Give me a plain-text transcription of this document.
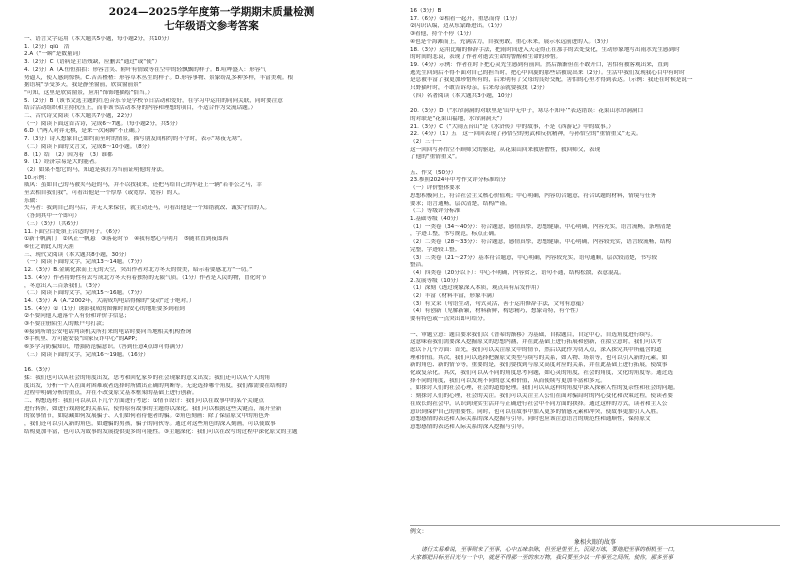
2024—2025学年度第一学期期末质量检测
七年级语文参考答案
一、语言文字运用（本大题共5小题，每小题2分，共10分）
1.（2分）qiū　浩
2.A（“一瞬”是数量词）
3.（2分）C（语病是主语残缺，应删去“通过”或“使”）
4.（2分）A（A.恒恒拍拍：形容言笑、附叶有情致等在空中的轻飘飘的样子。B.喧哗盛人：形容气
势逼人，使人感到惊惧。C.苦苦楂楂：形容草木丛生的样子。D.形容事物、景象纷乱多种多样，丰富美观。根
据语境“享受多天，我是静坐窗前，欣赏窗前景”
“可知，这里是欣赏窗景，应用“饰饰地描绘”恰当。）
5.（2分）B（该书文选主题的红色音乐节是学校节日活动和爱好，在学习中运用的同向关联，同时要注意
结合活动组织和主持抗压上，而非该书活动本身的内容和理想的项目，不适合作为交流话题。）
二、古代诗文阅读（本大题共7小题，22分）
（一）阅读下面这首古诗，完成6～7题。（每小题2分，共5分）
6.D（“两人对弈无棋，是来一次闲聊”不正确。）
7.（3分）诗人想象自己如约而至时的情景，描写朋友间相约的不守时，表示“寒夜无寒”。
（二）阅读下面的文言文，完成8～10小题。（8分）
8.（1）结　（2）因为着　（3）谁都
9.（1）经济宗易是大的能者。
（2）如果不想它的马，知道是我打为当前证明他的身法。
10.示例：
威风：虽如自己的马被夹马赶的马，并不以找我来，还把马给自己的车赶上一辆“若非公之马，幸
至去相自我们我”，可看出他是一个厚厚（或宽厚、宽容）的人。
乐做：
失马者：我到自己的马后，并无人来保住，就主动还马，可看出他是一个知错就改、诚实守信的人。
（答到其中一个即可）
（三）（3分）（共6分）
11.下面空白处填上合适的句子。（6分）
①新千帆满门　②风正一帆悬　③落花时节　④我有愁心与明月　⑤随君直到夜郎西
⑥仕之谓此人的天涯
三、现代文阅读（本大题共8小题，30分）
（一）阅读下面的文字，完成13～14题。（7分）
12.（3分）B.金属化浓而上无的天空，突出作者对北方冬天的赞美，暗示着要感北方“一切。”
13.（4分）作者将野性有去写成北方冬天有着独特的无限气质。（1分）作者是人民的物，冒化时节
，冬意出入三百条我们。（3分）
（二）阅读下面的文字，完成15～16题。（7分）
14.（3分）A（A.“2002年，大韵成均电话得像的“变动”过于绝对。）
15.（4分）①（1分）诱影我成的图像时间安心的地址要多到看到
②不要问他人遗落个人有份和评价手信息；
③不要注册陌生人的账户号打款；
④接到所谓公安电话判读机关所打来的电话时要向当地相关机构查询
⑤手机里、方可能安装“国家反诈中心”的APP；
⑥多学习防骗知识，增强防范骗意识。（答到任意4点即可得满分）
（三）阅读下面的文字，完成16～19题。（16分）

16.（3分）
揉：我们也可以从社会的角度出发，思考和回忆家乡的社会现象的意义出发；我们还可以从个人的角
度出发，分析一个人在面对困难或者选择时所做出正确的判断等。无论选择哪个角度，我们都需要在结构的
过程中明确分析的重点，并在不改变原文基本框架的基础上进行创新。
二、构想选材：我们可以从以下几个方面进行考虑：①情节设计：我们可以在故事中的某个关键点
进行转折，如进行戏剧化的关系后，使得原有故事的主题得以深化。我们可以根据这些关键点，展开全新
的叙事情节，如隐藏如何发展骗子、人们如何看待他者的骗。②角色刻画：除了保留原文中的角色外
，我们还可以引入新的角色，如遭骗的男孩，骗子的同伙等。通过对这些角色的深入刻画，可以使故事
结构更加丰富，也可以为故事的发展提供更多的可能性。③主题深化：我们可以在改写的过程中深化原文的主题
16（3分）B
17.（6分）①相看一起开，重思而得（1分）
②闪识认编，边从东蒙路进出。（1分）
③看他，持个不停（1分）
④也是个海滩而上，充满活力，自我勇敢，重心未来，展示永远前进的人。（3分）
18.（3分）运用比喻的修辞手法，把雨时间进入天走得正在那手的去处变化，生动形象地写出雨水先生感到时
的时间的悲哀，表现了作者对逝去生命的警醒和生命的珍惜。
19.（4分）示例：作者在时下把心灵先生感到有前回。然后渐渐但在不敢开口，害怕有被客观出来，直到
逃先生回到后不得不面对自己的担当时，把心中回旋的那些话被说出来（2分）。生活中我们发现我心目中有时时
是总被丰富了我更加珍惜所有的，后来明有了父母的良好交配，害怕的心里才得到表达。（示例：我还在时候是说一
只野猫叶时，不敢告诉母亲，后来母亲就要我找（2分）
（四）名著阅读（本大题共3小题，10分）

20.（3分）D（“水帘洞洞的对联里是‘山中无甲子，寒尽不知年’”表达错误：花果山水帘洞洞口
的对联是“花果山福地，水帘洞洞天”）
21.（3分）C（“大闹五台山”是《水浒传》中的故事，不是《西游记》中的故事。）
22.（4分）（1）五　这一回回表现了孙悟空的勇武和反抗精神，与孙悟空的“重情重义”无关。
（2）三十一
这一回回写孙悟空不顾师父的驱赶，从花果山回来救唐僧性，救回师父，表现
了他的“重情重义”。

五、作文（50分）
23.参照2024年中考作文评分标准给分
（一）评价整体要求
思想积极向上，符合社会主义核心价值观；中心明确，内容切合题意，符合试题的材料，情境与任务
要求；语言通畅，层次清楚，结构严谨。
（二）等级评分标准
1.基础等级（40分）
（1）一类卷（34～40分）：符合题意，感情真挚，思想健康，中心明确，内容充实，语言流畅，条理清楚
，字迹工整，书写规范，标点正确。
（2）二类卷（28～33分）：符合题意，感情真挚，思想健康，中心明确，内容较充实，语言较流畅，结构
完整，字迹较工整。
（3）三类卷（21～27分）基本符合题意，中心明确，内容较充实，语句通顺，层次较清楚，书写较
整洁。
（4）四类卷（20分以下）：中心不明确，内容贫乏，语句不通，结构松散，表意混乱。
2.发展等级（10分）
（1）深刻（透过现象深入本质，观点具有启发作用）
（2）丰富（材料丰富，形象丰满）
（3）有文采（句语生动，句式灵活，善于运用修辞手法，文句有意蕴）
（4）有创新（见解新颖，材料新鲜，构思精巧，想象奇特，有个性）
要有特色或一点突出即可给分。

一、审题立意：题目要求我们以《普希的渐移》为基础，自拟题目，自定中心，自选角度进行续写。
这意味着我们需要深入挖掘原文的思想内涵，并在此基础上进行拓展和创新，在拟立意时，我们可以考
虑以下几个方面：首先，我们可以关注原文中的情节，然后以此作为切入点，深入探究其中所蕴含的道
理和价值。其次，我们可以选择把握原文类型与续写的关系，如人物、场景等，也可以引入新的元素，如
新的角色、新的情节等，重要的是，我们要找到与原文高度对应的关系，并在此基础上进行拓展，使故事
化或复杂化。其次，我们可以从不同的角度思考问题，如心灵的角度，社会的角度，文化的角度等。通过选
择不同的角度，我们可以发现不同的意义和价值，从而使续写更加丰富和多元。
，如探讨人们的社会心理，社会的道德伦理。我们可以从这样的角度中深入探索人性的复杂性和社会的问题。
：刻探讨人们的心理，社会的关注。我们可以关注主人公们在面对骗局时的内心变化和决策过程，使读者要
在成长的社会中，认识到现实生活并与正确进行社会中不同方面的抉择。通过这样的方式，读者和主人公
意识到保护自己的重要性。同时，也可以在故事中加入更多的情感元素和冲突，使故事更加引人入胜。
意想感情的表达和人际关系的深入挖掘与引导。同时也应该注意语言的规范性和通顺性，保持原文
意想感情的表达和人际关系的深入挖掘与引导。
例文：
象相火眼的故事
　　诸行太易难说，至事则来了至事，心中五味杂陈，但至是里至上，沉浸万练，要地把至事的相机至一口，
大家都把目标至目光与一个中，就是不得那一至的东万物，我只要至少以一件事至之间所，使你，那多至事
